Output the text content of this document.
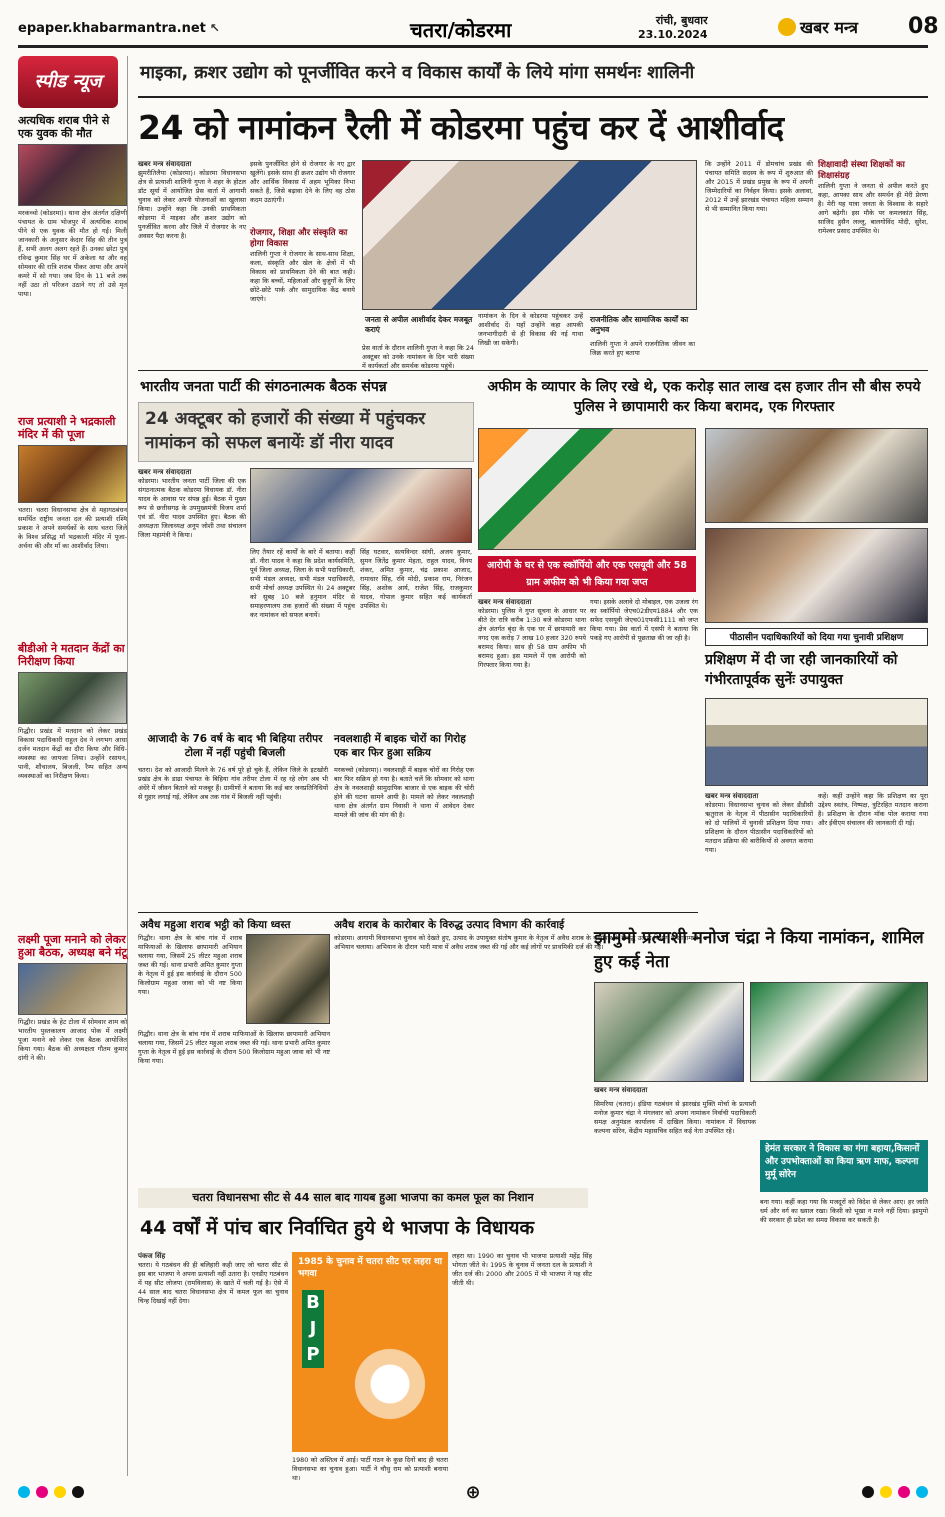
epaper.khabarmantra.net ↖	चतरा/कोडरमा	रांची, बुधवार
23.10.2024	खबर मन्त्र 08
स्पीड न्यूज
अत्यधिक शराब पीने से एक युवक की मौत
मरकच्चो (कोडरमा)। थाना क्षेत्र अंतर्गत दक्षिणी पंचायत के ग्राम भोजपुर में अत्यधिक शराब पीने से एक युवक की मौत हो गई। मिली जानकारी के अनुसार केदार सिंह की तीन पुत्र हैं, सभी अलग अलग रहते हैं। उनका छोटा पुत्र रविन्द्र कुमार सिंह घर में अकेला था और वह सोमवार की रात्रि शराब पीकर आया और अपने कमरे में सो गया। जब दिन के 11 बजे तक नहीं उठा तो परिजन उठाने गए तो उसे मृत पाया।
राज प्रत्याशी ने भद्रकाली मंदिर में की पूजा
चतरा। चतरा विधानसभा क्षेत्र से महागठबंधन समर्थित राष्ट्रीय जनता दल की प्रत्याशी रश्मि प्रकाश ने अपने समर्थकों के साथ चतरा जिले के विश्व प्रसिद्ध माँ भद्रकाली मंदिर में पूजा-अर्चना की और माँ का आशीर्वाद लिया।
बीडीओ ने मतदान केंद्रों का निरीक्षण किया
गिद्धौर। प्रखंड में मतदान को लेकर प्रखंड विकास पदाधिकारी राहुल देव ने लगभग आधा दर्जन मतदान केंद्रों का दौरा किया और विधि-व्यवस्था का जायजा लिया। उन्होंने रसायन, पानी, शौचालय, बिजली, रैम्प सहित अन्य व्यवस्थाओं का निरीक्षण किया।
लक्ष्मी पूजा मनाने को लेकर हुआ बैठक, अध्यक्ष बने मंटू
गिद्धौर। प्रखंड के हेट टोला में सोमवार शाम को भारतीय पुस्तकालय आजाद पोक में लक्ष्मी पूजा मनाने को लेकर एक बैठक आयोजित किया गया। बैठक की अध्यक्षता गौतम कुमार दांगी ने की।
माइका, क्रशर उद्योग को पूनर्जीवित करने व विकास कार्यों के लिये मांगा समर्थनः शालिनी
24 को नामांकन रैली में कोडरमा पहुंच कर दें आशीर्वाद
खबर मन्त्र संवाददाता
झुमरीतिलैया (कोडरमा)। कोडरमा विधानसभा क्षेत्र से प्रत्याशी शालिनी गुप्ता ने शहर के होटल डॉट सूर्या में आयोजित प्रेस वार्ता में आगामी चुनाव को लेकर अपनी योजनाओं का खुलासा किया। उन्होंने कहा कि उनकी प्राथमिकता कोडरमा में माइका और क्रशर उद्योग को पुनर्जीवित करना और जिले में रोजगार के नए अवसर पैदा करना है।
इसके पुनर्जीवित होने से रोजगार के नए द्वार खुलेंगे। इसके साथ ही क्रशर उद्योग भी रोजगार और आर्थिक विकास में अहम भूमिका निभा सकते हैं, जिसे बढ़ावा देने के लिए वह ठोस कदम उठाएंगी।
रोजगार, शिक्षा और संस्कृति का होगा विकास
शालिनी गुप्ता ने रोजगार के साथ-साथ शिक्षा, कला, संस्कृति और खेल के क्षेत्रों में भी विकास को प्राथमिकता देने की बात कही। कहा कि बच्चों, महिलाओं और बुजुर्गों के लिए छोटे-छोटे पार्क और सामुदायिक केंद्र बनाये जाएंगे।
जनता से अपील आशीर्वाद देकर मजबूत कराएं
नामांकन के दिन वे कोडरमा पहुंचकर उन्हें आशीर्वाद दें। यहाँ उन्होंने कहा आपकी जनभागीदारी से ही विकास की नई गाथा लिखी जा सकेगी।
प्रेस वार्ता के दौरान शालिनी गुप्ता ने कहा कि 24 अक्टूबर को उनके नामांकन के दिन भारी संख्या में कार्यकर्ता और समर्थक कोडरमा पहुंचें।
राजनीतिक और सामाजिक कार्यों का अनुभव
शालिनी गुप्ता ने अपने राजनीतिक जीवन का जिक्र करते हुए बताया
कि उन्होंने 2011 में डोमचांच प्रखंड की पंचायत समिति सदस्य के रूप में शुरुआत की और 2015 में प्रखंड प्रमुख के रूप में अपनी जिम्मेदारियों का निर्वहन किया। इसके अलावा, 2012 में उन्हें झारखंड पंचायत महिला सम्मान से भी सम्मानित किया गया।
शिक्षावादी संस्था शिक्षकों का शिक्षासंग्रह
शालिनी गुप्ता ने जनता से अपील करते हुए कहा, आपका साथ और समर्थन ही मेरी प्रेरणा है। मेरी यह यात्रा जनता के विश्वास के सहारे आगे बढ़ेगी। इस मौके पर कमलकांत सिंह, साजिद हुसैन लल्लू, बालगोविंद मोदी, सुरेश, रामेश्वर प्रसाद उपस्थित थे।
भारतीय जनता पार्टी की संगठनात्मक बैठक संपन्न
24 अक्टूबर को हजारों की संख्या में पहुंचकर नामांकन को सफल बनायेंः डॉ नीरा यादव
खबर मन्त्र संवाददाता
कोडरमा। भारतीय जनता पार्टी जिला की एक संगठनात्मक बैठक कोडरमा विधायक डॉ. नीरा यादव के आवास पर संपन्न हुई। बैठक में मुख्य रूप से छत्तीसगढ़ के उपमुख्यमंत्री विजय शर्मा एवं डॉ. नीरा यादव उपस्थित हुए। बैठक की अध्यक्षता जिलाध्यक्ष अनूप जोशी तथा संचालन जिला महामंत्री ने किया।
लिए तैयार रहें कार्यों के बारे में बताया। कहीं डॉ. नीरा यादव ने कहा कि प्रदेश कार्यसमिति, पूर्व जिला अध्यक्ष, जिला के सभी पदाधिकारी, सभी मंडल अध्यक्ष, सभी मंडल पदाधिकारी, सभी मोर्चा अध्यक्ष उपस्थित थे। 24 अक्टूबर को सुबह 10 बजे हनुमान मंदिर से समाहरणालय तक हजारों की संख्या में पहुंच कर नामांकन को सफल बनायें।
सिंह घटवार, सत्यविन्दर सांघी, अजय कुमार, सुमन जितेंद्र कुमार मेहता, राहुल यादव, विनय शंकर, अमित कुमार, चंद्र प्रकाश आजाद, रामाधार सिंह, रवि मोदी, प्रकाश राम, निरंजन सिंह, अशोक आर्य, राजेश सिंह, राजकुमार यादव, गोपाल कुमार सहित कई कार्यकर्ता उपस्थित थे।
अफीम के व्यापार के लिए रखे थे, एक करोड़ सात लाख दस हजार तीन सौ बीस रुपये पुलिस ने छापामारी कर किया बरामद, एक गिरफ्तार
आरोपी के घर से एक स्कॉर्पियो और एक एसयूवी और 58 ग्राम अफीम को भी किया गया जप्त
खबर मन्त्र संवाददाता
कोडरमा। पुलिस ने गुप्त सूचना के आधार पर बीते देर रात्रि करीब 1:30 बजे कोडरमा थाना क्षेत्र अंतर्गत बृंदा के एक घर में छापामारी कर नगद एक करोड़ 7 लाख 10 हजार 320 रुपये बरामद किया। साथ ही 58 ग्राम अफीम भी बरामद हुआ। इस मामले में एक आरोपी को गिरफ्तार किया गया है।
गया। इसके अलावे दो मोबाइल, एक उजला रंग का स्कॉर्पियो जेएच02डीएम1884 और एक सफेद एसयूवी जेएच01एफसी1111 को जप्त किया गया। प्रेस वार्ता में एसपी ने बताया कि पकड़े गए आरोपी से पूछताछ की जा रही है।	पीठासीन पदाधिकारियों को दिया गया चुनावी प्रशिक्षण
प्रशिक्षण में दी जा रही जानकारियों को गंभीरतापूर्वक सुनेंः उपायुक्त
खबर मन्त्र संवाददाता
कोडरमा। विधानसभा चुनाव को लेकर डीडीसी ऋतुराज के नेतृत्व में पीठासीन पदाधिकारियों को दो पालियों में चुनावी प्रशिक्षण दिया गया। प्रशिक्षण के दौरान पीठासीन पदाधिकारियों को मतदान प्रक्रिया की बारीकियों से अवगत कराया गया।
कहें। कहीं उन्होंने कहा कि प्रशिक्षण का पूरा उद्देश्य स्वतंत्र, निष्पक्ष, त्रुटिरहित मतदान कराना है। प्रशिक्षण के दौरान मॉक पोल कराया गया और ईवीएम संचालन की जानकारी दी गई।
आजादी के 76 वर्ष के बाद भी बिहिया तरीपर टोला में नहीं पहुंची बिजली
चतरा। देश को आजादी मिलने के 76 वर्ष पूरे हो चुके हैं, लेकिन जिले के इटखोरी प्रखंड क्षेत्र के डाढा पंचायत के बिहिया गांव तरीपर टोला में रह रहे लोग अब भी अंधेरे में जीवन बिताने को मजबूर हैं। ग्रामीणों ने बताया कि कई बार जनप्रतिनिधियों से गुहार लगाई गई, लेकिन अब तक गांव में बिजली नहीं पहुंची।
नवलशाही में बाइक चोरों का गिरोह एक बार फिर हुआ सक्रिय
मरकच्चो (कोडरमा)। नवलशाही में बाइक चोरों का गिरोह एक बार फिर सक्रिय हो गया है। बताते चलें कि सोमवार को थाना क्षेत्र के नवलशाही सामुदायिक बाजार से एक बाइक की चोरी होने की घटना सामने आयी है। मामले को लेकर नवलशाही थाना क्षेत्र अंतर्गत ग्राम निवासी ने थाना में आवेदन देकर मामले की जांच की मांग की है।
अवैध महुआ शराब भट्ठी को किया ध्वस्त
गिद्धौर। थाना क्षेत्र के बांच गांव में शराब माफियाओं के खिलाफ छापामारी अभियान चलाया गया, जिसमें 25 लीटर महुआ शराब जब्त की गई। थाना प्रभारी अमित कुमार गुप्ता के नेतृत्व में हुई इस कार्रवाई के दौरान 500 किलोग्राम महुआ जावा को भी नष्ट किया गया।
गिद्धौर। थाना क्षेत्र के बांच गांव में शराब माफियाओं के खिलाफ छापामारी अभियान चलाया गया, जिसमें 25 लीटर महुआ शराब जब्त की गई। थाना प्रभारी अमित कुमार गुप्ता के नेतृत्व में हुई इस कार्रवाई के दौरान 500 किलोग्राम महुआ जावा को भी नष्ट किया गया।
अवैध शराब के कारोबार के विरुद्ध उत्पाद विभाग की कार्रवाई
कोडरमा। आगामी विधानसभा चुनाव को देखते हुए, उत्पाद के उपायुक्त संतोष कुमार के नेतृत्व में अवैध शराब के कारोबार के विरुद्ध उत्पाद विभाग ने छापामारी अभियान चलाया। अभियान के दौरान भारी मात्रा में अवैध शराब जब्त की गई और कई लोगों पर प्राथमिकी दर्ज की गई।
झामुमो प्रत्याशी मनोज चंद्रा ने किया नामांकन, शामिल हुए कई नेता
खबर मन्त्र संवाददाता
हेमंत सरकार ने विकास का गंगा बहाया,किसानों और उपभोक्ताओं का किया ऋण माफ, कल्पना मुर्मू सोरेन
चतरा विधानसभा सीट से 44 साल बाद गायब हुआ भाजपा का कमल फूल का निशान
44 वर्षों में पांच बार निर्वाचित हुये थे भाजपा के विधायक
पंकज सिंह
चतरा। ये गठबंधन की ही बलिहारी कही जाए जो चतरा सीट से इस बार भाजपा ने अपना प्रत्याशी नहीं उतारा है। एनडीए गठबंधन में यह सीट लोजपा (रामविलास) के खाते में चली गई है। ऐसे में 44 साल बाद चतरा विधानसभा क्षेत्र में कमल फूल का चुनाव चिन्ह दिखाई नहीं देगा।
1985 के चुनाव में चतरा सीट पर लहरा था भगवा
B
J
P
1980 को अस्तित्व में आई। पार्टी गठन के कुछ दिनों बाद ही चतरा विधानसभा का चुनाव हुआ। पार्टी ने चौथु राम को प्रत्याशी बनाया था।
लहरा था। 1990 का चुनाव भी भाजपा प्रत्याशी महेंद्र सिंह भोगता जीते थे। 1995 के चुनाव में जनता दल के प्रत्याशी ने जीत दर्ज की। 2000 और 2005 में भी भाजपा ने यह सीट जीती थी।
सिमरिया (चतरा)। इंडिया गठबंधन से झारखंड मुक्ति मोर्चा के प्रत्याशी मनोज कुमार चंद्रा ने मंगलवार को अपना नामांकन निर्वाची पदाधिकारी समक्ष अनुमंडल कार्यालय में दाखिल किया। नामांकन में विधायक कल्पना सोरेन, केंद्रीय महासचिव सहित कई नेता उपस्थित रहे।
बना गया। कहीं कहा गया कि मजदूरों को विदेश से लेकर आए। हर जाति धर्म और वर्ग का ख्याल रखा। किसी को भूखा न मरने नहीं दिया। झामुमो की सरकार ही प्रदेश का समग्र विकास कर सकती है।
⊕
